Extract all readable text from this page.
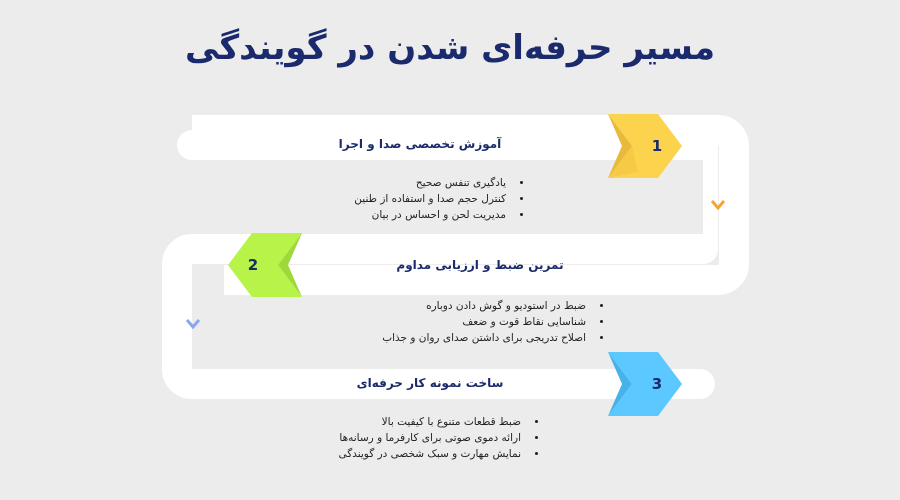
مسیر حرفه‌ای شدن در گویندگی
آموزش تخصصی صدا و اجرا	1
• یادگیری تنفس صحیح
• کنترل حجم صدا و استفاده از طنین
• مدیریت لحن و احساس در بیان
2	تمرین ضبط و ارزیابی مداوم
• ضبط در استودیو و گوش دادن دوباره
• شناسایی نقاط قوت و ضعف
• اصلاح تدریجی برای داشتن صدای روان و جذاب
ساخت نمونه کار حرفه‌ای	3
• ضبط قطعات متنوع با کیفیت بالا
• ارائه دموی صوتی برای کارفرما و رسانه‌ها
• نمایش مهارت و سبک شخصی در گویندگی
